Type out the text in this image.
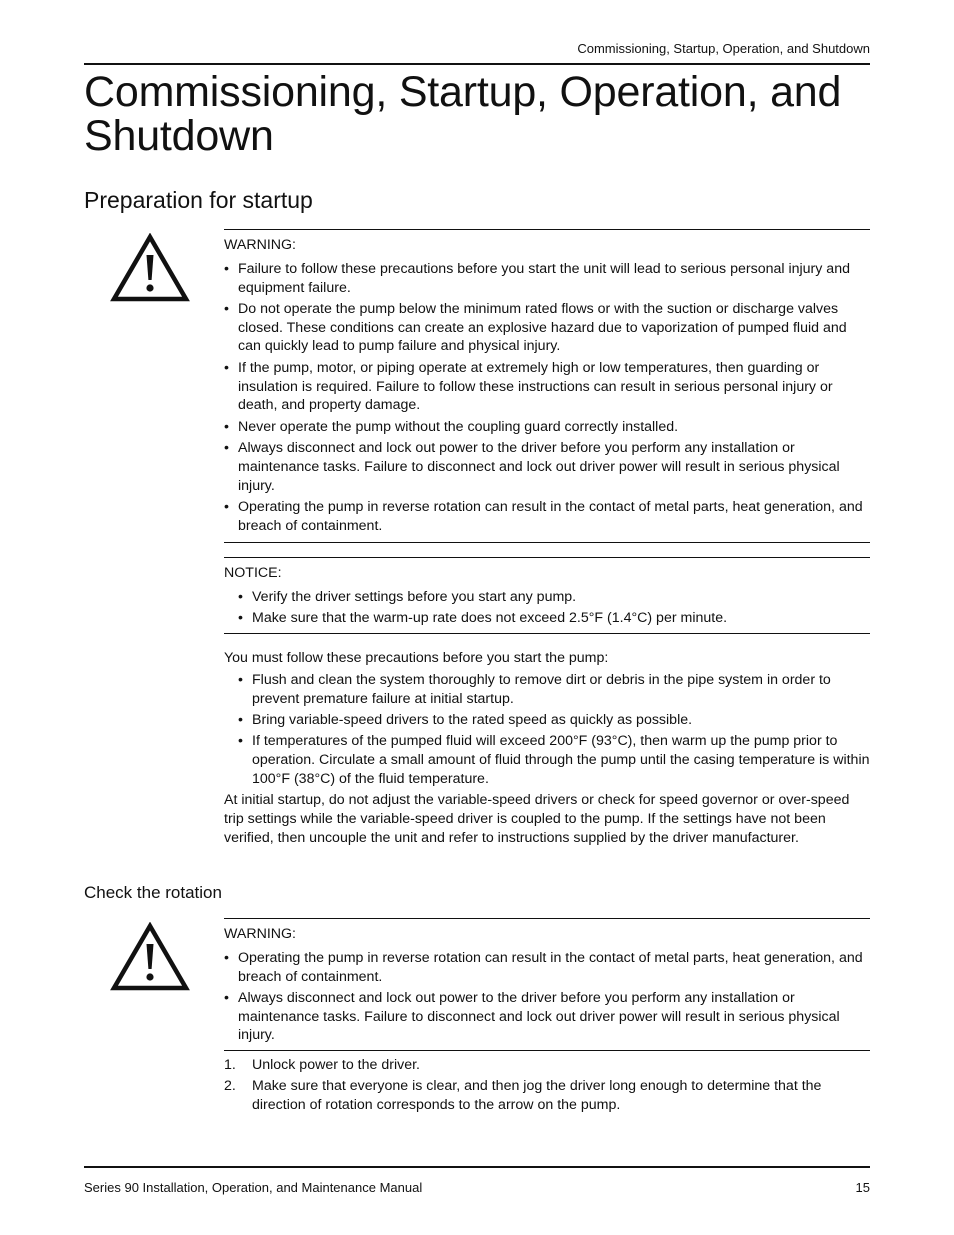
Commissioning, Startup, Operation, and Shutdown
Commissioning, Startup, Operation, and Shutdown
Preparation for startup
WARNING:
• Failure to follow these precautions before you start the unit will lead to serious personal injury and equipment failure.
• Do not operate the pump below the minimum rated flows or with the suction or discharge valves closed. These conditions can create an explosive hazard due to vaporization of pumped fluid and can quickly lead to pump failure and physical injury.
• If the pump, motor, or piping operate at extremely high or low temperatures, then guarding or insulation is required. Failure to follow these instructions can result in serious personal injury or death, and property damage.
• Never operate the pump without the coupling guard correctly installed.
• Always disconnect and lock out power to the driver before you perform any installation or maintenance tasks. Failure to disconnect and lock out driver power will result in serious physical injury.
• Operating the pump in reverse rotation can result in the contact of metal parts, heat generation, and breach of containment.
NOTICE:
• Verify the driver settings before you start any pump.
• Make sure that the warm-up rate does not exceed 2.5°F (1.4°C) per minute.

You must follow these precautions before you start the pump:

• Flush and clean the system thoroughly to remove dirt or debris in the pipe system in order to prevent premature failure at initial startup.
• Bring variable-speed drivers to the rated speed as quickly as possible.
• If temperatures of the pumped fluid will exceed 200°F (93°C), then warm up the pump prior to operation. Circulate a small amount of fluid through the pump until the casing temperature is within 100°F (38°C) of the fluid temperature.

At initial startup, do not adjust the variable-speed drivers or check for speed governor or over-speed trip settings while the variable-speed driver is coupled to the pump. If the settings have not been verified, then uncouple the unit and refer to instructions supplied by the driver manufacturer.

Check the rotation
WARNING:
• Operating the pump in reverse rotation can result in the contact of metal parts, heat generation, and breach of containment.
• Always disconnect and lock out power to the driver before you perform any installation or maintenance tasks. Failure to disconnect and lock out driver power will result in serious physical injury.
1. Unlock power to the driver.
2. Make sure that everyone is clear, and then jog the driver long enough to determine that the direction of rotation corresponds to the arrow on the pump.
Series 90 Installation, Operation, and Maintenance Manual	15
